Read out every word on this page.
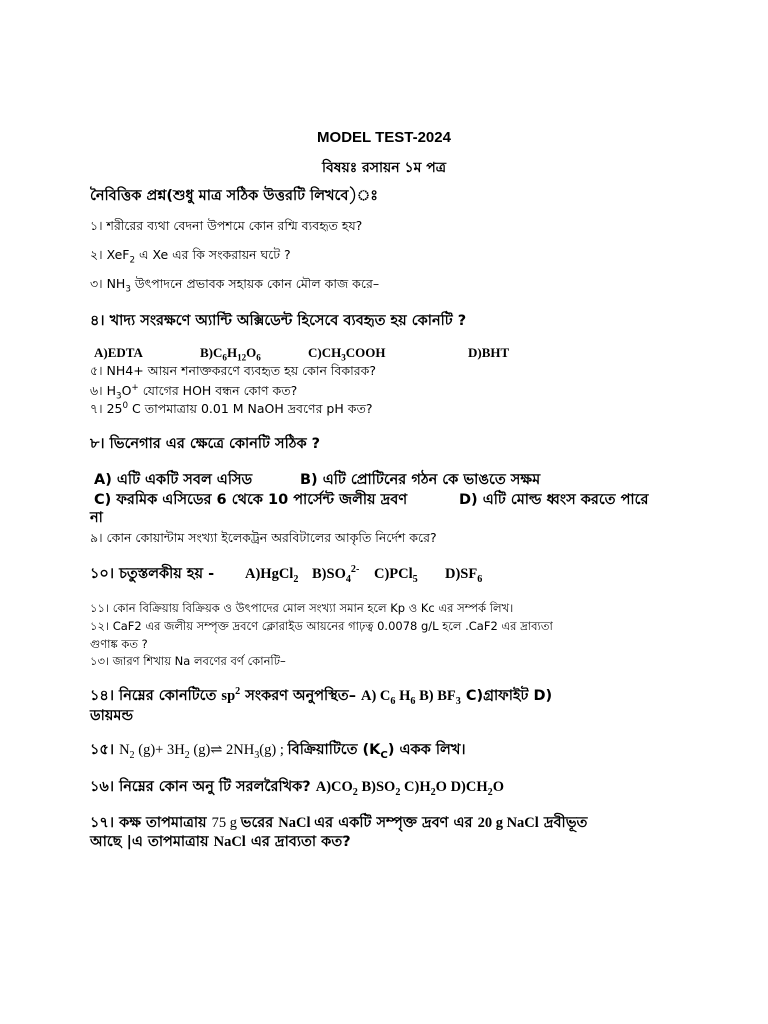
MODEL TEST-2024
বিষয়ঃ রসায়ন ১ম পত্র
নৈবিত্তিক প্রশ্ন(শুধু মাত্র সঠিক উত্তরটি লিখবে)ঃ
১। শরীরের ব্যথা বেদনা উপশমে কোন রশ্মি ব্যবহৃত হয?
২। XeF$_2$ এ Xe এর কি সংকরায়ন ঘটে ?
৩। $NH_3$ উৎপাদনে প্রভাবক সহায়ক কোন মৌল কাজ করে–
৪। খাদ্য সংরক্ষণে অ্যান্টি অক্সিডেন্ট হিসেবে ব্যবহৃত হয় কোনটি ?
A)EDTA	$B)C_6H_{12}O_6$	$C)CH_3COOH$	D)BHT
৫। NH4+ আয়ন শনাক্তকরণে ব্যবহৃত হয় কোন বিকারক?
৬। $H_3O^+$ যোগের HOH বন্ধন কোণ কত?
৭। $25^0$ C তাপমাত্রায় 0.01 M NaOH দ্রবণের pH কত?
৮। ভিনেগার এর ক্ষেত্রে কোনটি সঠিক ?
A) এটি একটি সবল এসিড	B) এটি প্রোটিনের গঠন কে ভাঙতে সক্ষম
C) ফরমিক এসিডের 6 থেকে 10 পার্সেন্ট জলীয় দ্রবণ	D) এটি মোল্ড ধ্বংস করতে পারে
না
৯। কোন কোয়ান্টাম সংখ্যা ইলেকট্রন অরবিটালের আকৃতি নির্দেশ করে?
১০। চতুস্তলকীয় হয় - A)HgCl$_2$ $B)SO_4^{2-}$ C)PCl$_5$ $D)SF_6$
১১। কোন বিক্রিয়ায় বিক্রিয়ক ও উৎপাদের মোল সংখ্যা সমান হলে Kp ও Kc এর সম্পর্ক লিখ।
১২। CaF2 এর জলীয় সম্পৃক্ত দ্রবণে ক্লোরাইড আয়নের গাঢ়ত্ব 0.0078 g/L হলে .CaF2 এর দ্রাব্যতা
গুণাঙ্ক কত ?
১৩। জারণ শিখায় Na লবণের বর্ণ কোনটি–
১৪। নিম্নের কোনটিতে $sp^2$ সংকরণ অনুপস্থিত– A) $C_6$ $H_6$ B) $BF_3$ C)গ্রাফাইট D)
ডায়মন্ড
১৫। $N_2$ $(g)+ 3H_2$ (g)⇌ $2NH_3(g)$ ; বিক্রিয়াটিতে $(K_C)$ একক লিখ।
১৬। নিম্নের কোন অনু টি সরলরৈখিক? $A)CO_2$ $B)SO_2$ $C)H_2O$ $D)CH_2O$
১৭। কক্ষ তাপমাত্রায় 75 g ভরের NaCl এর একটি সম্পৃক্ত দ্রবণ এর 20 g NaCl দ্রবীভূত
আছে |এ তাপমাত্রায় NaCl এর দ্রাব্যতা কত?
